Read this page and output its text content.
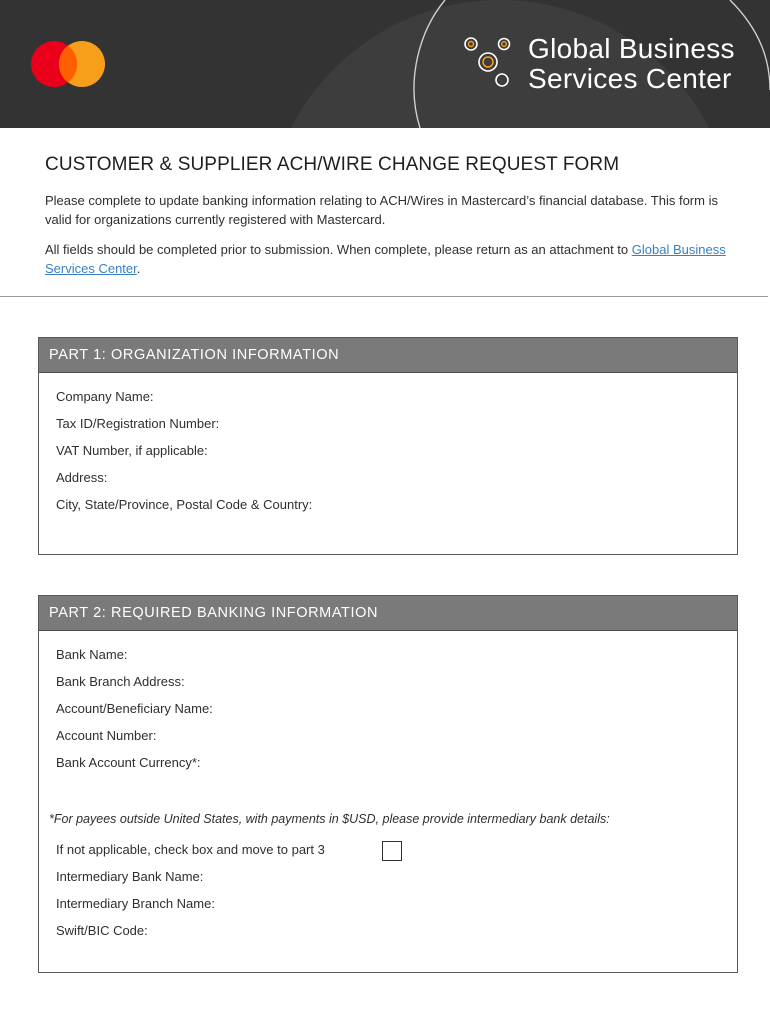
Global Business
Services Center
CUSTOMER & SUPPLIER ACH/WIRE CHANGE REQUEST FORM
Please complete to update banking information relating to ACH/Wires in Mastercard’s financial database. This form is valid for organizations currently registered with Mastercard.
All fields should be completed prior to submission. When complete, please return as an attachment to Global Business Services Center.
PART 1: ORGANIZATION INFORMATION
Company Name:
Tax ID/Registration Number:
VAT Number, if applicable:
Address:
City, State/Province, Postal Code & Country:
PART 2: REQUIRED BANKING INFORMATION
Bank Name:
Bank Branch Address:
Account/Beneficiary Name:
Account Number:
Bank Account Currency*:
*For payees outside United States, with payments in $USD, please provide intermediary bank details:
If not applicable, check box and move to part 3
Intermediary Bank Name:
Intermediary Branch Name:
Swift/BIC Code:
